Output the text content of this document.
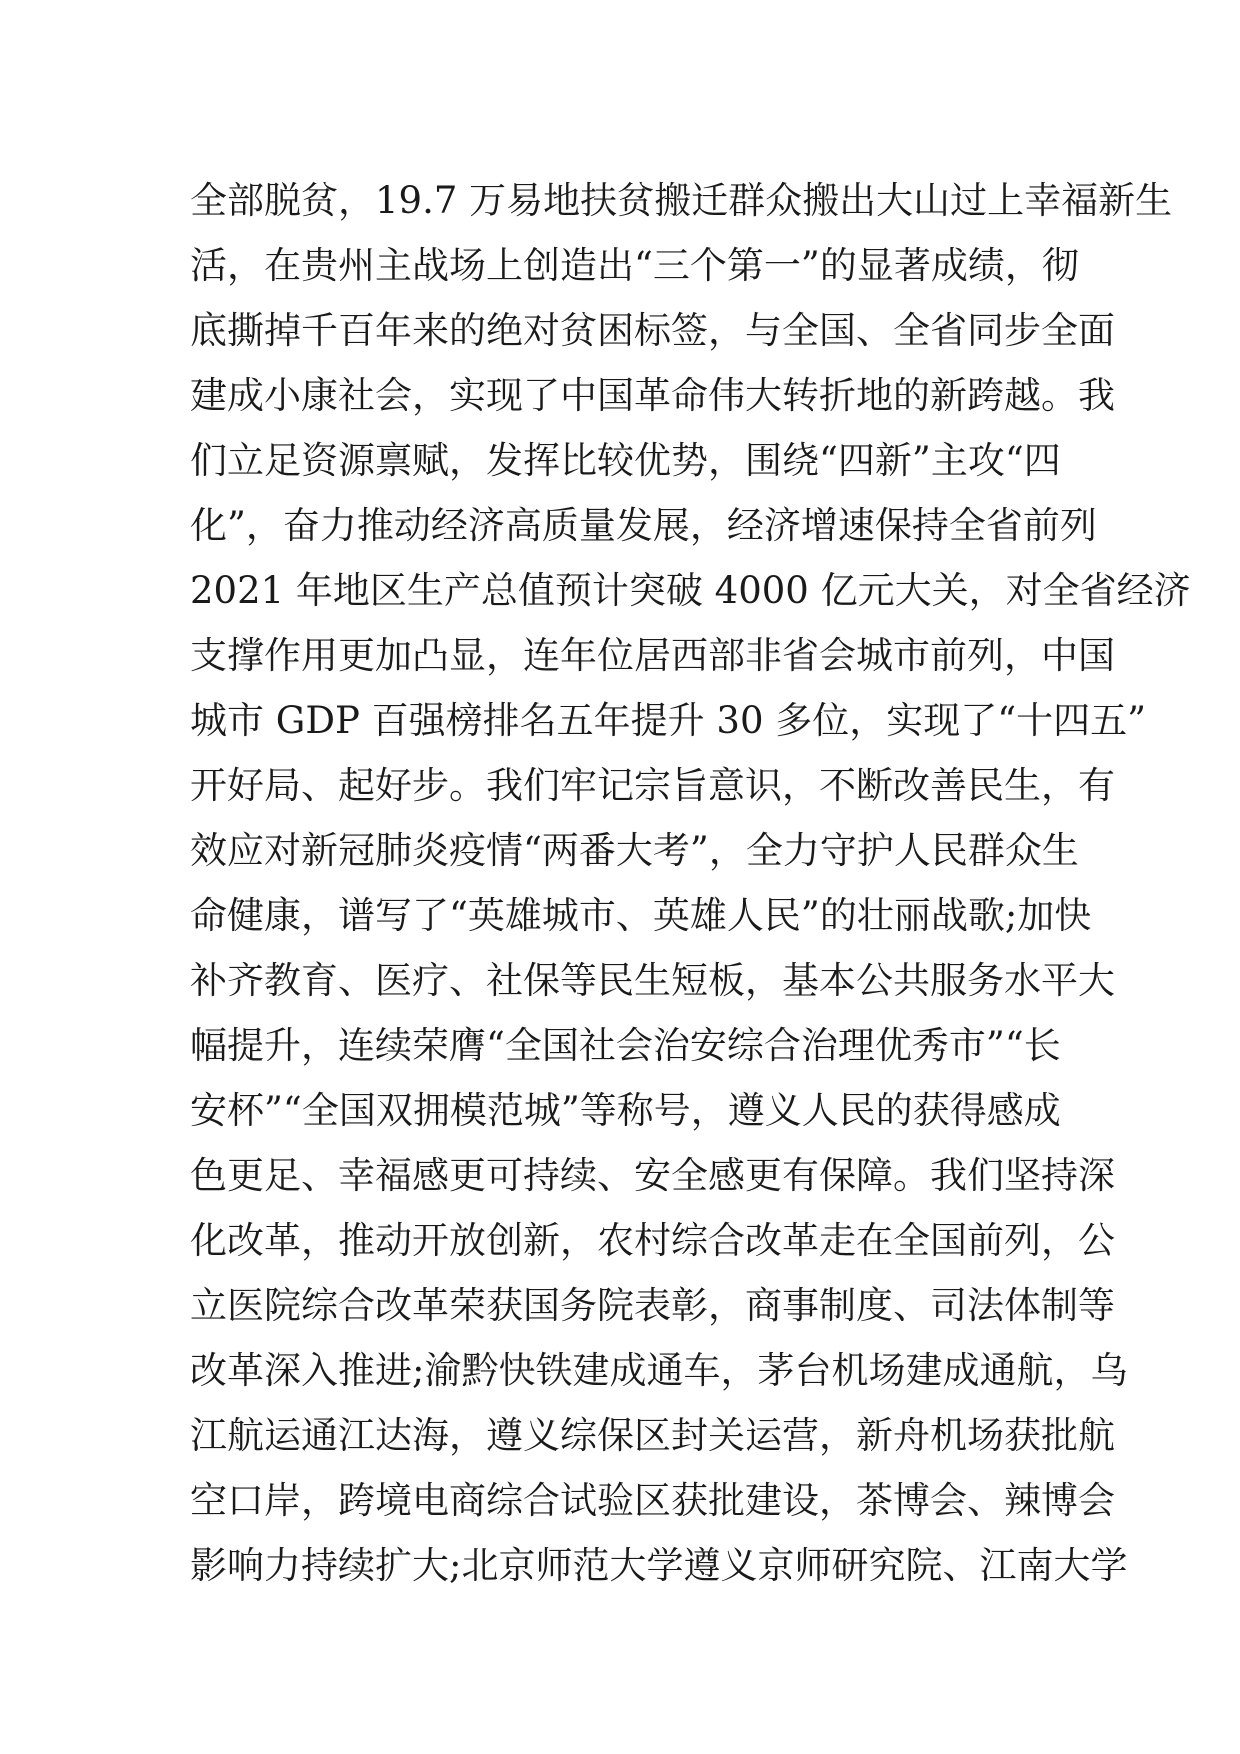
全部脱贫，19.7 万易地扶贫搬迁群众搬出大山过上幸福新生
活，在贵州主战场上创造出“三个第一”的显著成绩，彻
底撕掉千百年来的绝对贫困标签，与全国、全省同步全面
建成小康社会，实现了中国革命伟大转折地的新跨越。我
们立足资源禀赋，发挥比较优势，围绕“四新”主攻“四
化”，奋力推动经济高质量发展，经济增速保持全省前列
2021 年地区生产总值预计突破 4000 亿元大关，对全省经济
支撑作用更加凸显，连年位居西部非省会城市前列，中国
城市 GDP 百强榜排名五年提升 30 多位，实现了“十四五”
开好局、起好步。我们牢记宗旨意识，不断改善民生，有
效应对新冠肺炎疫情“两番大考”，全力守护人民群众生
命健康，谱写了“英雄城市、英雄人民”的壮丽战歌;加快
补齐教育、医疗、社保等民生短板，基本公共服务水平大
幅提升，连续荣膺“全国社会治安综合治理优秀市”“长
安杯”“全国双拥模范城”等称号，遵义人民的获得感成
色更足、幸福感更可持续、安全感更有保障。我们坚持深
化改革，推动开放创新，农村综合改革走在全国前列，公
立医院综合改革荣获国务院表彰，商事制度、司法体制等
改革深入推进;渝黔快铁建成通车，茅台机场建成通航，乌
江航运通江达海，遵义综保区封关运营，新舟机场获批航
空口岸，跨境电商综合试验区获批建设，茶博会、辣博会
影响力持续扩大;北京师范大学遵义京师研究院、江南大学
